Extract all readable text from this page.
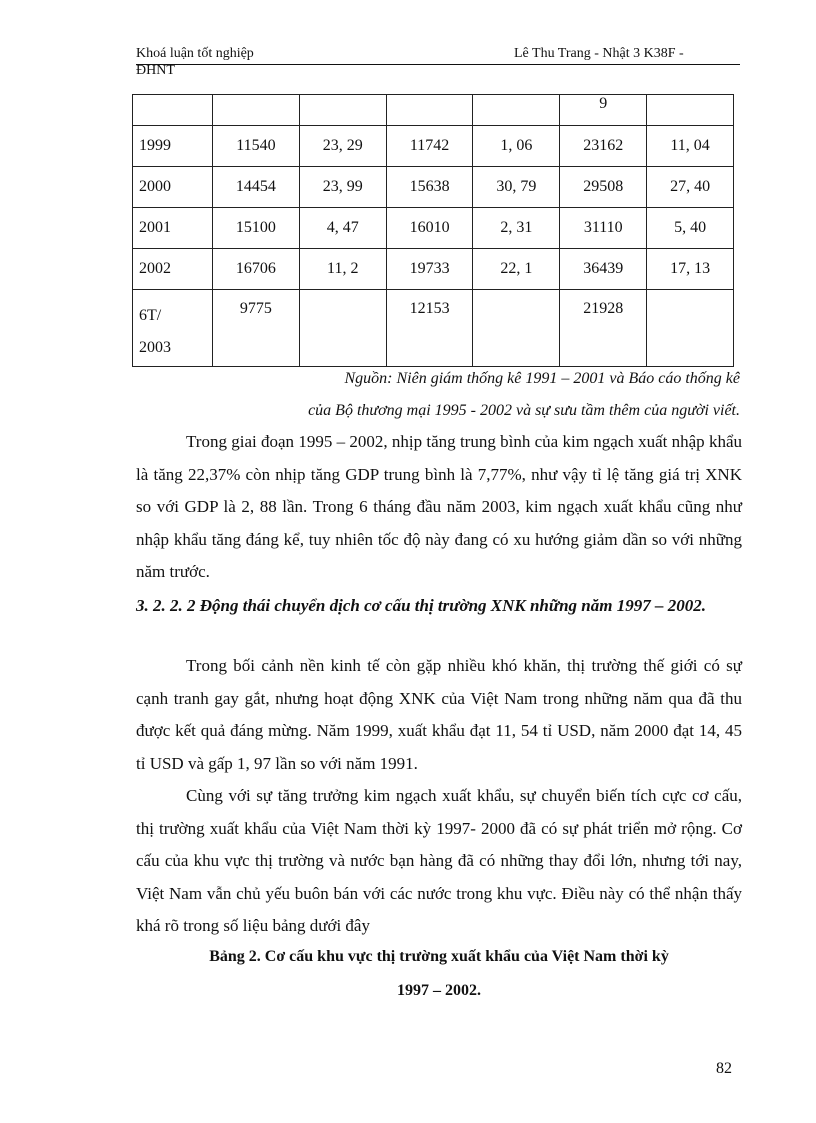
Khoá luận tốt nghiệp	Lê Thu Trang - Nhật 3 K38F -
ĐHNT
					9	
1999	11540	23, 29	11742	1, 06	23162	11, 04
2000	14454	23, 99	15638	30, 79	29508	27, 40
2001	15100	4, 47	16010	2, 31	31110	5, 40
2002	16706	11, 2	19733	22, 1	36439	17, 13

6T/
2003	9775		12153		21928	
Nguồn: Niên giám thống kê 1991 – 2001 và Báo cáo thống kê
của Bộ thương mại 1995 - 2002 và sự sưu tầm thêm của người viết.

Trong giai đoạn 1995 – 2002, nhịp tăng trung bình của kim ngạch xuất nhập khẩu là tăng 22,37% còn nhịp tăng GDP trung bình là 7,77%, như vậy tỉ lệ tăng giá trị XNK so với GDP là 2, 88 lần. Trong 6 tháng đầu năm 2003, kim ngạch xuất khẩu cũng như nhập khẩu tăng đáng kể, tuy nhiên tốc độ này đang có xu hướng giảm dần so với những năm trước.

3. 2. 2. 2 Động thái chuyển dịch cơ cấu thị trường XNK những năm 1997 – 2002.

Trong bối cảnh nền kinh tế còn gặp nhiều khó khăn, thị trường thế giới có sự cạnh tranh gay gắt, nhưng hoạt động XNK của Việt Nam trong những năm qua đã thu được kết quả đáng mừng. Năm 1999, xuất khẩu đạt 11, 54 tỉ USD, năm 2000 đạt 14, 45 tỉ USD và gấp 1, 97 lần so với năm 1991.

Cùng với sự tăng trưởng kim ngạch xuất khẩu, sự chuyển biến tích cực cơ cấu, thị trường xuất khẩu của Việt Nam thời kỳ 1997- 2000 đã có sự phát triển mở rộng. Cơ cấu của khu vực thị trường và nước bạn hàng đã có những thay đổi lớn, nhưng tới nay, Việt Nam vẫn chủ yếu buôn bán với các nước trong khu vực. Điều này có thể nhận thấy khá rõ trong số liệu bảng dưới đây

Bảng 2. Cơ cấu khu vực thị trường xuất khẩu của Việt Nam thời kỳ
1997 – 2002.
82
